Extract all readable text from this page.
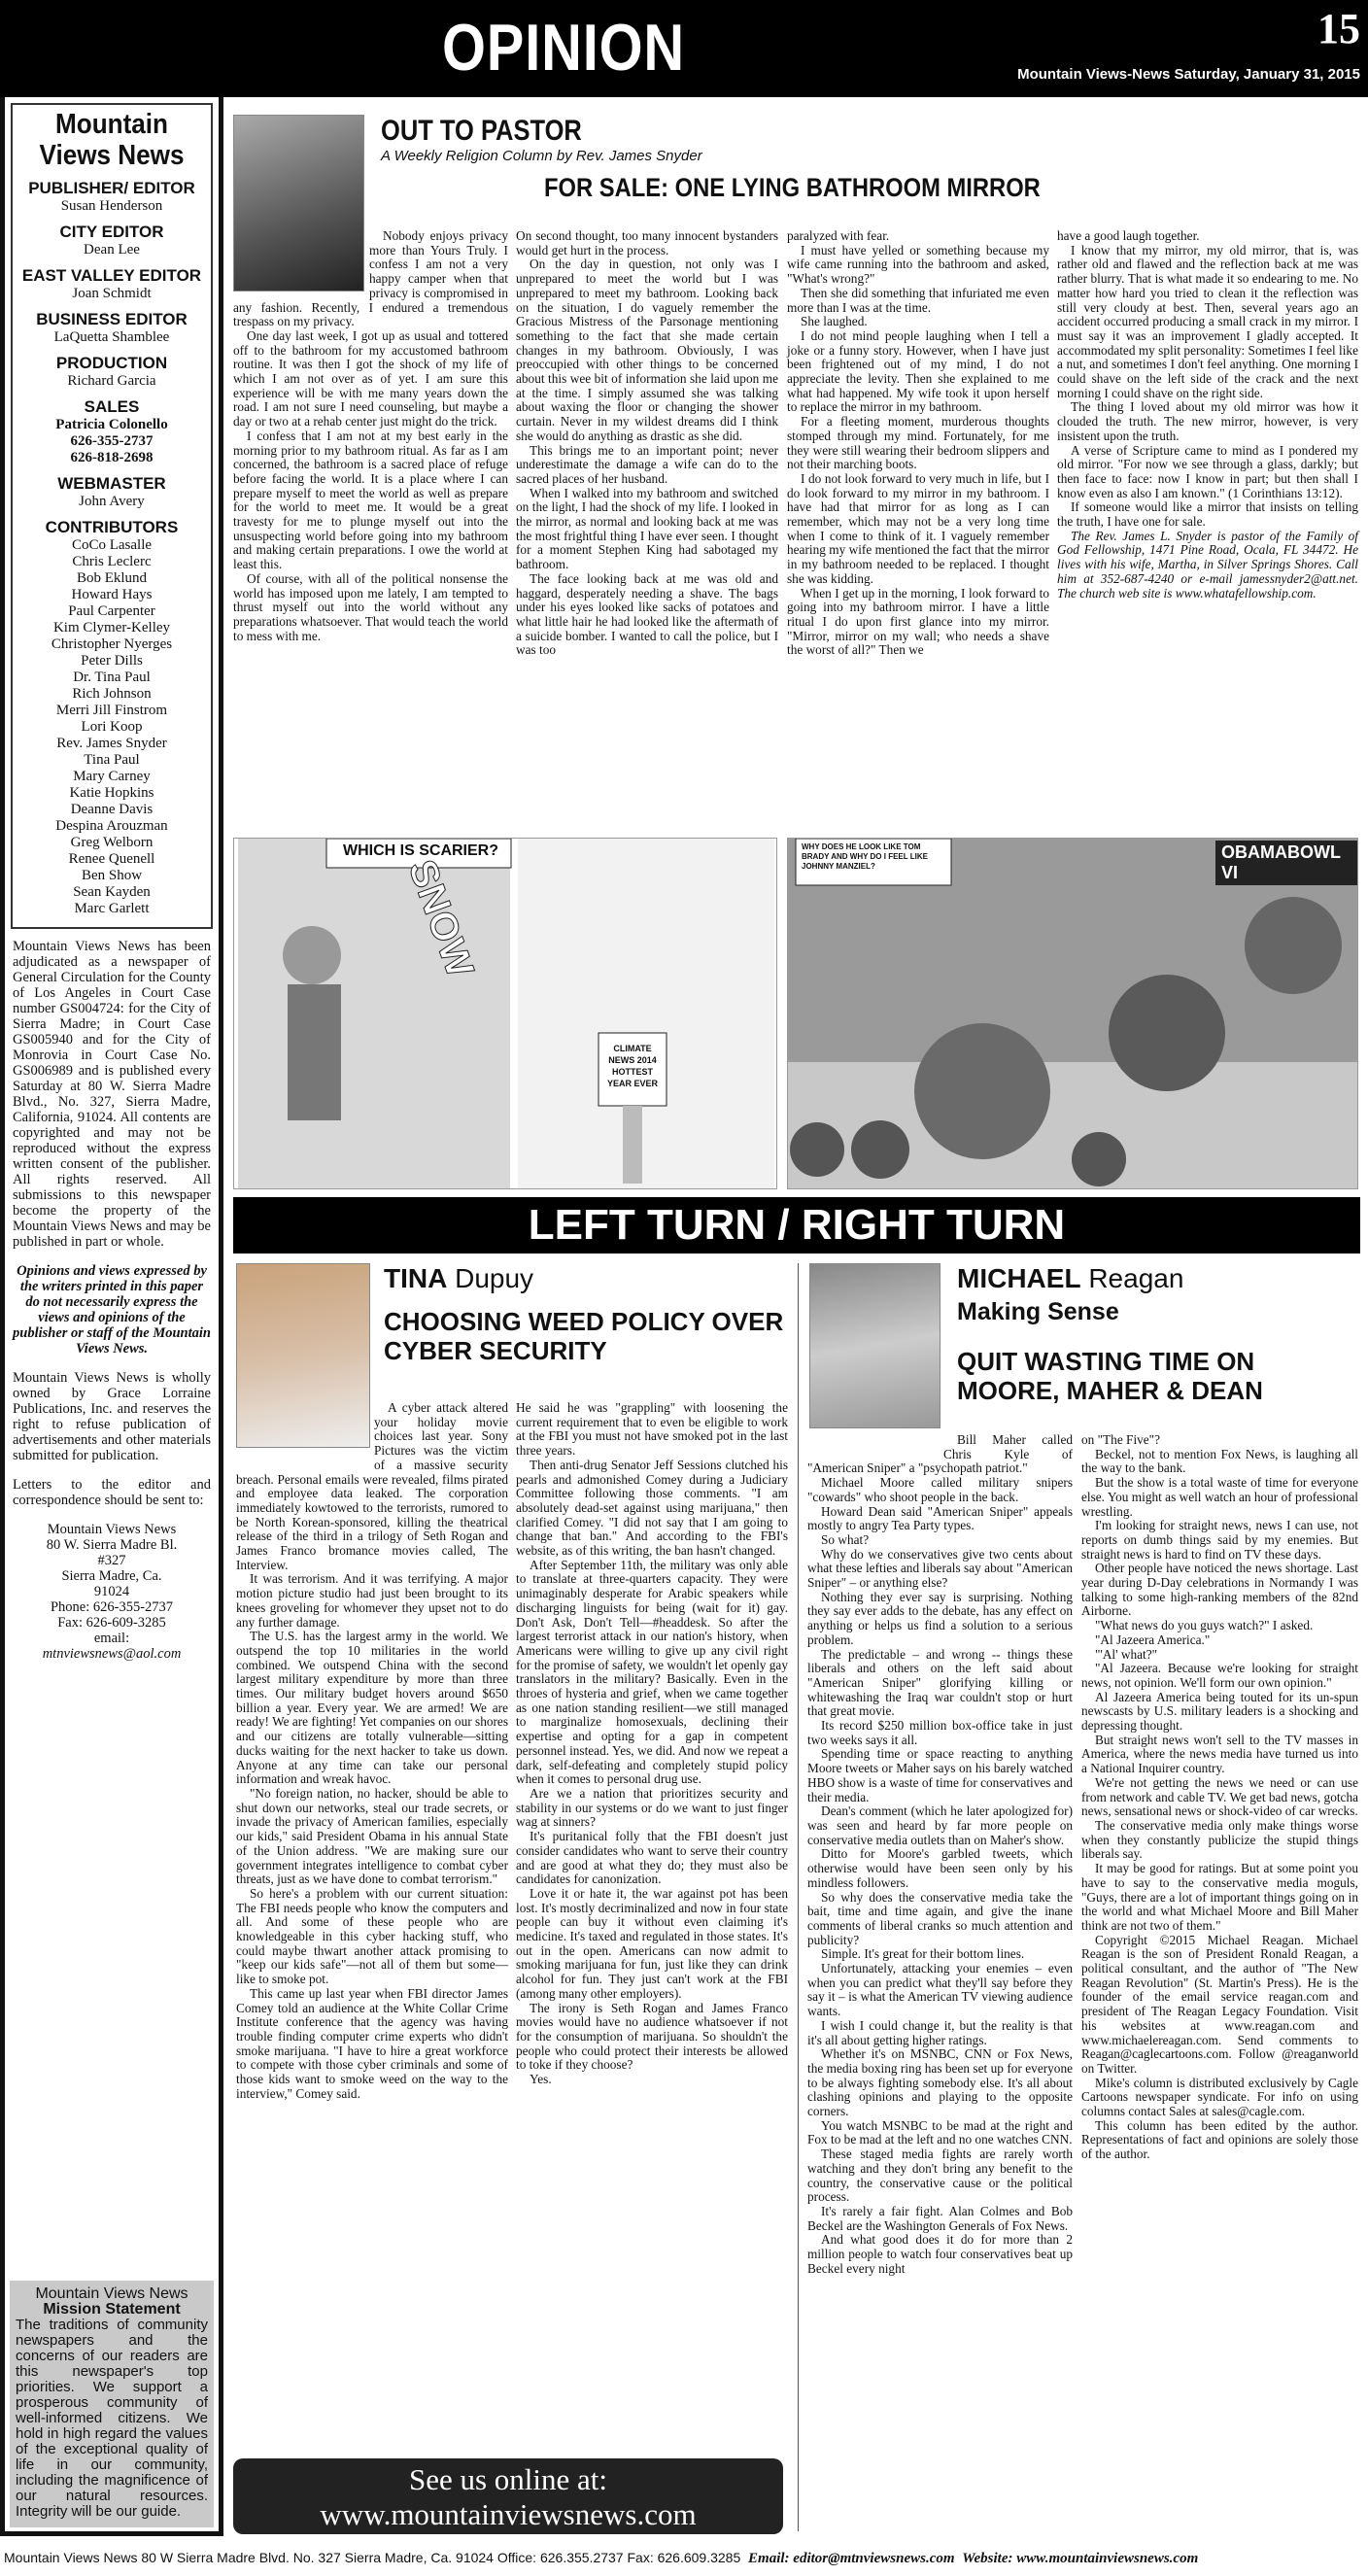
OPINION	15
Mountain Views-News Saturday, January 31, 2015
Mountain Views News
PUBLISHER/ EDITOR
Susan Henderson
CITY EDITOR
Dean Lee
EAST VALLEY EDITOR
Joan Schmidt
BUSINESS EDITOR
LaQuetta Shamblee
PRODUCTION
Richard Garcia
SALES
Patricia Colonello
626-355-2737
626-818-2698
WEBMASTER
John Avery
CONTRIBUTORS
CoCo Lasalle
Chris Leclerc
Bob Eklund
Howard Hays
Paul Carpenter
Kim Clymer-Kelley
Christopher Nyerges
Peter Dills
Dr. Tina Paul
Rich Johnson
Merri Jill Finstrom
Lori Koop
Rev. James Snyder
Tina Paul
Mary Carney
Katie Hopkins
Deanne Davis
Despina Arouzman
Greg Welborn
Renee Quenell
Ben Show
Sean Kayden
Marc Garlett

Mountain Views News has been adjudicated as a newspaper of General Circulation for the County of Los Angeles in Court Case number GS004724: for the City of Sierra Madre; in Court Case GS005940 and for the City of Monrovia in Court Case No. GS006989 and is published every Saturday at 80 W. Sierra Madre Blvd., No. 327, Sierra Madre, California, 91024. All contents are copyrighted and may not be reproduced without the express written consent of the publisher. All rights reserved. All submissions to this newspaper become the property of the Mountain Views News and may be published in part or whole.

Opinions and views expressed by the writers printed in this paper do not necessarily express the views and opinions of the publisher or staff of the Mountain Views News.

Mountain Views News is wholly owned by Grace Lorraine Publications, Inc. and reserves the right to refuse publication of advertisements and other materials submitted for publication.

Letters to the editor and correspondence should be sent to:

Mountain Views News
80 W. Sierra Madre Bl.
#327
Sierra Madre, Ca.
91024
Phone: 626-355-2737
Fax: 626-609-3285
email:
mtnviewsnews@aol.com
Mountain Views News
Mission Statement
The traditions of community newspapers and the concerns of our readers are this newspaper's top priorities. We support a prosperous community of well-informed citizens. We hold in high regard the values of the exceptional quality of life in our community, including the magnificence of our natural resources. Integrity will be our guide.
OUT TO PASTOR
A Weekly Religion Column by Rev. James Snyder
FOR SALE: ONE LYING BATHROOM MIRROR

Nobody enjoys privacy more than Yours Truly. I confess I am not a very happy camper when that privacy is compromised in any fashion. Recently, I endured a tremendous trespass on my privacy.

One day last week, I got up as usual and tottered off to the bathroom for my accustomed bathroom routine. It was then I got the shock of my life of which I am not over as of yet. I am sure this experience will be with me many years down the road. I am not sure I need counseling, but maybe a day or two at a rehab center just might do the trick.

I confess that I am not at my best early in the morning prior to my bathroom ritual. As far as I am concerned, the bathroom is a sacred place of refuge before facing the world. It is a place where I can prepare myself to meet the world as well as prepare for the world to meet me. It would be a great travesty for me to plunge myself out into the unsuspecting world before going into my bathroom and making certain preparations. I owe the world at least this.

Of course, with all of the political nonsense the world has imposed upon me lately, I am tempted to thrust myself out into the world without any preparations whatsoever. That would teach the world to mess with me.

On second thought, too many innocent bystanders would get hurt in the process.

On the day in question, not only was I unprepared to meet the world but I was unprepared to meet my bathroom. Looking back on the situation, I do vaguely remember the Gracious Mistress of the Parsonage mentioning something to the fact that she made certain changes in my bathroom. Obviously, I was preoccupied with other things to be concerned about this wee bit of information she laid upon me at the time. I simply assumed she was talking about waxing the floor or changing the shower curtain. Never in my wildest dreams did I think she would do anything as drastic as she did.

This brings me to an important point; never underestimate the damage a wife can do to the sacred places of her husband.

When I walked into my bathroom and switched on the light, I had the shock of my life. I looked in the mirror, as normal and looking back at me was the most frightful thing I have ever seen. I thought for a moment Stephen King had sabotaged my bathroom.

The face looking back at me was old and haggard, desperately needing a shave. The bags under his eyes looked like sacks of potatoes and what little hair he had looked like the aftermath of a suicide bomber. I wanted to call the police, but I was too

paralyzed with fear.

I must have yelled or something because my wife came running into the bathroom and asked, "What's wrong?"

Then she did something that infuriated me even more than I was at the time.

She laughed.

I do not mind people laughing when I tell a joke or a funny story. However, when I have just been frightened out of my mind, I do not appreciate the levity. Then she explained to me what had happened. My wife took it upon herself to replace the mirror in my bathroom.

For a fleeting moment, murderous thoughts stomped through my mind. Fortunately, for me they were still wearing their bedroom slippers and not their marching boots.

I do not look forward to very much in life, but I do look forward to my mirror in my bathroom. I have had that mirror for as long as I can remember, which may not be a very long time when I come to think of it. I vaguely remember hearing my wife mentioned the fact that the mirror in my bathroom needed to be replaced. I thought she was kidding.

When I get up in the morning, I look forward to going into my bathroom mirror. I have a little ritual I do upon first glance into my mirror. "Mirror, mirror on my wall; who needs a shave the worst of all?" Then we

have a good laugh together.

I know that my mirror, my old mirror, that is, was rather old and flawed and the reflection back at me was rather blurry. That is what made it so endearing to me. No matter how hard you tried to clean it the reflection was still very cloudy at best. Then, several years ago an accident occurred producing a small crack in my mirror. I must say it was an improvement I gladly accepted. It accommodated my split personality: Sometimes I feel like a nut, and sometimes I don't feel anything. One morning I could shave on the left side of the crack and the next morning I could shave on the right side.

The thing I loved about my old mirror was how it clouded the truth. The new mirror, however, is very insistent upon the truth.

A verse of Scripture came to mind as I pondered my old mirror. "For now we see through a glass, darkly; but then face to face: now I know in part; but then shall I know even as also I am known." (1 Corinthians 13:12).

If someone would like a mirror that insists on telling the truth, I have one for sale.

The Rev. James L. Snyder is pastor of the Family of God Fellowship, 1471 Pine Road, Ocala, FL 34472. He lives with his wife, Martha, in Silver Springs Shores. Call him at 352-687-4240 or e-mail jamessnyder2@att.net. The church web site is www.whatafellowship.com.

WHICH IS SCARIER?
SNOW
CLIMATE NEWS 2014 HOTTEST YEAR EVER
WHY DOES HE LOOK LIKE TOM BRADY AND WHY DO I FEEL LIKE JOHNNY MANZIEL?
OBAMABOWL VI
LEFT TURN / RIGHT TURN
TINA Dupuy
CHOOSING WEED POLICY OVER CYBER SECURITY

A cyber attack altered your holiday movie choices last year. Sony Pictures was the victim of a massive security breach. Personal emails were revealed, films pirated and employee data leaked. The corporation immediately kowtowed to the terrorists, rumored to be North Korean-sponsored, killing the theatrical release of the third in a trilogy of Seth Rogan and James Franco bromance movies called, The Interview.

It was terrorism. And it was terrifying. A major motion picture studio had just been brought to its knees groveling for whomever they upset not to do any further damage.

The U.S. has the largest army in the world. We outspend the top 10 militaries in the world combined. We outspend China with the second largest military expenditure by more than three times. Our military budget hovers around $650 billion a year. Every year. We are armed! We are ready! We are fighting! Yet companies on our shores and our citizens are totally vulnerable—sitting ducks waiting for the next hacker to take us down. Anyone at any time can take our personal information and wreak havoc.

"No foreign nation, no hacker, should be able to shut down our networks, steal our trade secrets, or invade the privacy of American families, especially our kids," said President Obama in his annual State of the Union address. "We are making sure our government integrates intelligence to combat cyber threats, just as we have done to combat terrorism."

So here's a problem with our current situation: The FBI needs people who know the computers and all. And some of these people who are knowledgeable in this cyber hacking stuff, who could maybe thwart another attack promising to "keep our kids safe"—not all of them but some—like to smoke pot.

This came up last year when FBI director James Comey told an audience at the White Collar Crime Institute conference that the agency was having trouble finding computer crime experts who didn't smoke marijuana. "I have to hire a great workforce to compete with those cyber criminals and some of those kids want to smoke weed on the way to the interview," Comey said.

He said he was "grappling" with loosening the current requirement that to even be eligible to work at the FBI you must not have smoked pot in the last three years.

Then anti-drug Senator Jeff Sessions clutched his pearls and admonished Comey during a Judiciary Committee following those comments. "I am absolutely dead-set against using marijuana," then clarified Comey. "I did not say that I am going to change that ban." And according to the FBI's website, as of this writing, the ban hasn't changed.

After September 11th, the military was only able to translate at three-quarters capacity. They were unimaginably desperate for Arabic speakers while discharging linguists for being (wait for it) gay. Don't Ask, Don't Tell—#headdesk. So after the largest terrorist attack in our nation's history, when Americans were willing to give up any civil right for the promise of safety, we wouldn't let openly gay translators in the military? Basically. Even in the throes of hysteria and grief, when we came together as one nation standing resilient—we still managed to marginalize homosexuals, declining their expertise and opting for a gap in competent personnel instead. Yes, we did. And now we repeat a dark, self-defeating and completely stupid policy when it comes to personal drug use.

Are we a nation that prioritizes security and stability in our systems or do we want to just finger wag at sinners?

It's puritanical folly that the FBI doesn't just consider candidates who want to serve their country and are good at what they do; they must also be candidates for canonization.

Love it or hate it, the war against pot has been lost. It's mostly decriminalized and now in four state people can buy it without even claiming it's medicine. It's taxed and regulated in those states. It's out in the open. Americans can now admit to smoking marijuana for fun, just like they can drink alcohol for fun. They just can't work at the FBI (among many other employers).

The irony is Seth Rogan and James Franco movies would have no audience whatsoever if not for the consumption of marijuana. So shouldn't the people who could protect their interests be allowed to toke if they choose?

Yes.

MICHAEL Reagan
Making Sense
QUIT WASTING TIME ON MOORE, MAHER & DEAN

Bill Maher called Chris Kyle of "American Sniper" a "psychopath patriot."

Michael Moore called military snipers "cowards" who shoot people in the back.

Howard Dean said "American Sniper" appeals mostly to angry Tea Party types.

So what?

Why do we conservatives give two cents about what these lefties and liberals say about "American Sniper" – or anything else?

Nothing they ever say is surprising. Nothing they say ever adds to the debate, has any effect on anything or helps us find a solution to a serious problem.

The predictable – and wrong -- things these liberals and others on the left said about "American Sniper" glorifying killing or whitewashing the Iraq war couldn't stop or hurt that great movie.

Its record $250 million box-office take in just two weeks says it all.

Spending time or space reacting to anything Moore tweets or Maher says on his barely watched HBO show is a waste of time for conservatives and their media.

Dean's comment (which he later apologized for) was seen and heard by far more people on conservative media outlets than on Maher's show.

Ditto for Moore's garbled tweets, which otherwise would have been seen only by his mindless followers.

So why does the conservative media take the bait, time and time again, and give the inane comments of liberal cranks so much attention and publicity?

Simple. It's great for their bottom lines.

Unfortunately, attacking your enemies – even when you can predict what they'll say before they say it – is what the American TV viewing audience wants.

I wish I could change it, but the reality is that it's all about getting higher ratings.

Whether it's on MSNBC, CNN or Fox News, the media boxing ring has been set up for everyone to be always fighting somebody else. It's all about clashing opinions and playing to the opposite corners.

You watch MSNBC to be mad at the right and Fox to be mad at the left and no one watches CNN.

These staged media fights are rarely worth watching and they don't bring any benefit to the country, the conservative cause or the political process.

It's rarely a fair fight. Alan Colmes and Bob Beckel are the Washington Generals of Fox News.

And what good does it do for more than 2 million people to watch four conservatives beat up Beckel every night

on "The Five"?

Beckel, not to mention Fox News, is laughing all the way to the bank.

But the show is a total waste of time for everyone else. You might as well watch an hour of professional wrestling.

I'm looking for straight news, news I can use, not reports on dumb things said by my enemies. But straight news is hard to find on TV these days.

Other people have noticed the news shortage. Last year during D-Day celebrations in Normandy I was talking to some high-ranking members of the 82nd Airborne.

"What news do you guys watch?" I asked.

"Al Jazeera America."

"'Al' what?"

"Al Jazeera. Because we're looking for straight news, not opinion. We'll form our own opinion."

Al Jazeera America being touted for its un-spun newscasts by U.S. military leaders is a shocking and depressing thought.

But straight news won't sell to the TV masses in America, where the news media have turned us into a National Inquirer country.

We're not getting the news we need or can use from network and cable TV. We get bad news, gotcha news, sensational news or shock-video of car wrecks.

The conservative media only make things worse when they constantly publicize the stupid things liberals say.

It may be good for ratings. But at some point you have to say to the conservative media moguls, "Guys, there are a lot of important things going on in the world and what Michael Moore and Bill Maher think are not two of them."

Copyright ©2015 Michael Reagan. Michael Reagan is the son of President Ronald Reagan, a political consultant, and the author of "The New Reagan Revolution" (St. Martin's Press). He is the founder of the email service reagan.com and president of The Reagan Legacy Foundation. Visit his websites at www.reagan.com and www.michaelereagan.com. Send comments to Reagan@caglecartoons.com. Follow @reaganworld on Twitter.

Mike's column is distributed exclusively by Cagle Cartoons newspaper syndicate. For info on using columns contact Sales at sales@cagle.com.

This column has been edited by the author. Representations of fact and opinions are solely those of the author.

See us online at:
www.mountainviewsnews.com
Mountain Views News 80 W Sierra Madre Blvd. No. 327 Sierra Madre, Ca. 91024 Office: 626.355.2737 Fax: 626.609.3285 Email: editor@mtnviewsnews.com Website: www.mountainviewsnews.com
